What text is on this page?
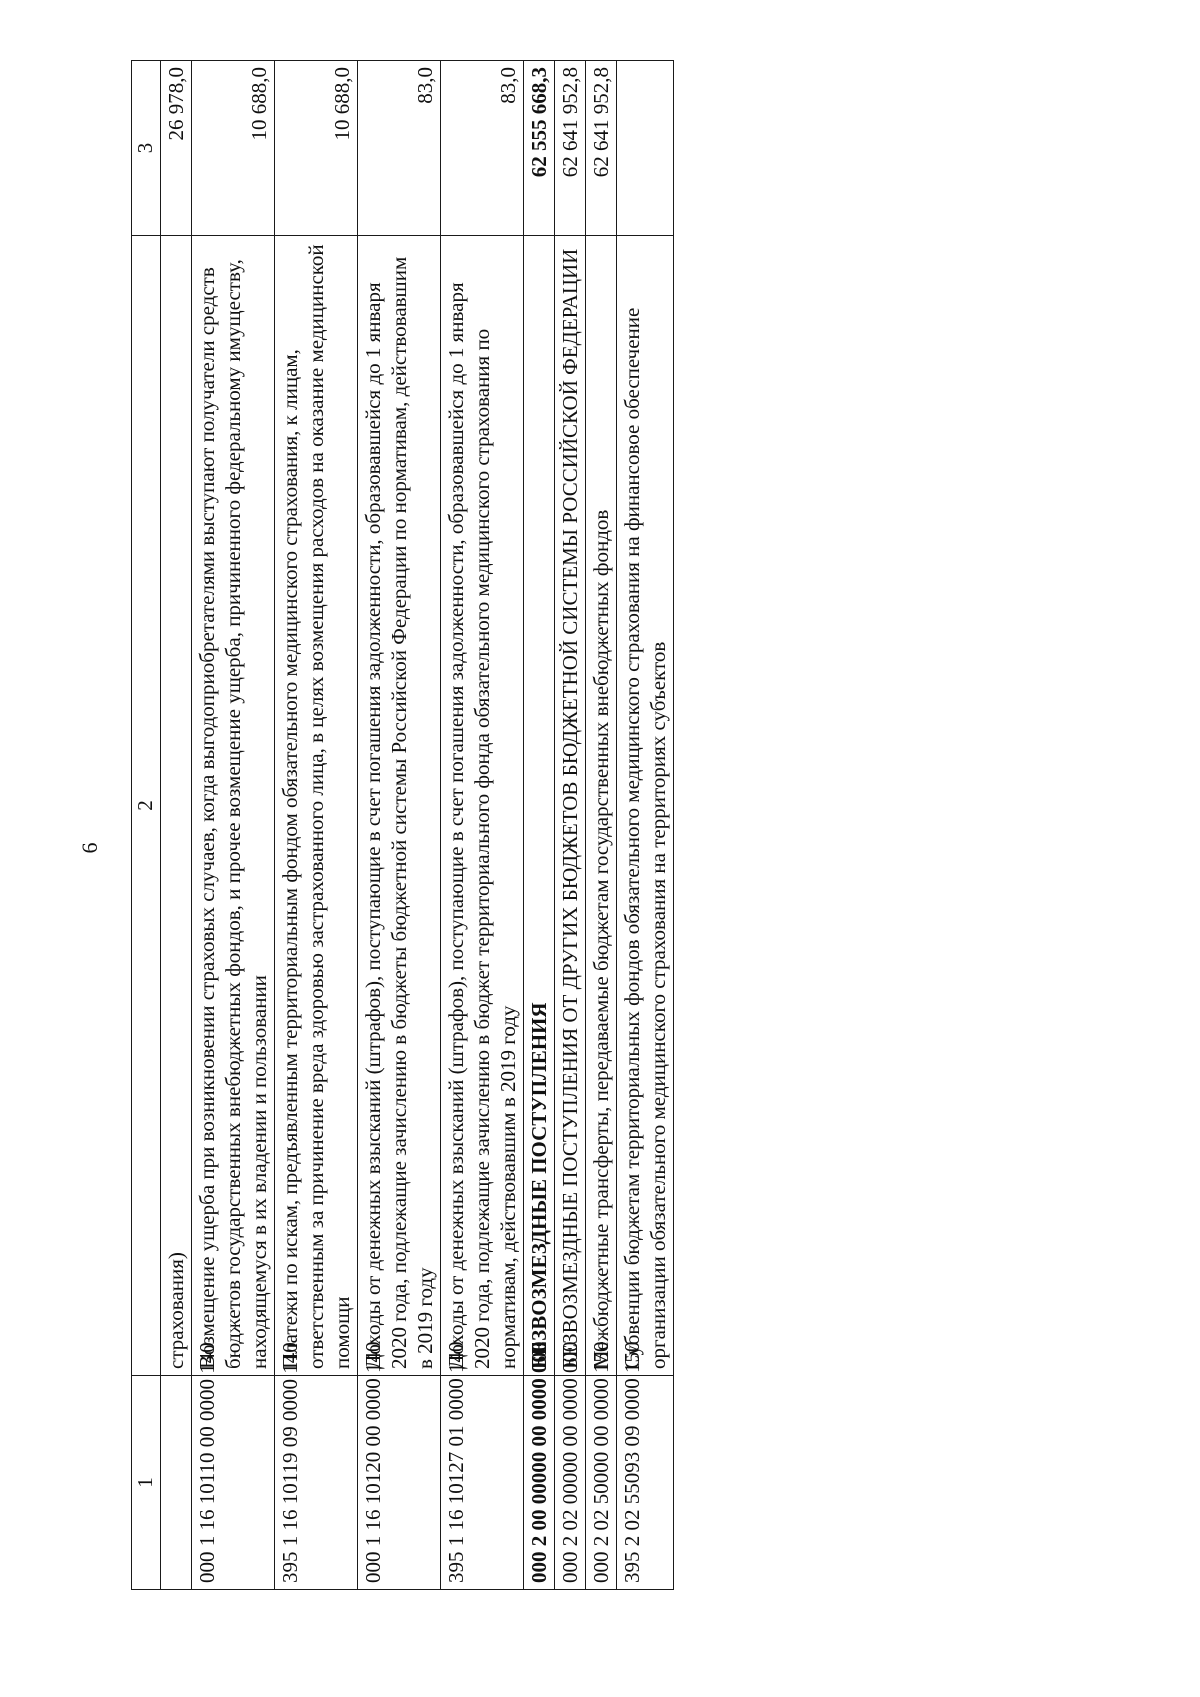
6
1	2	3
	страхования)	26 978,0
000 1 16 10110 00 0000 140	Возмещение ущерба при возникновении страховых случаев, когда выгодоприобретателями выступают получатели средств бюджетов государственных внебюджетных фондов, и прочее возмещение ущерба, причиненного федеральному имуществу, находящемуся в их владении и пользовании	10 688,0
395 1 16 10119 09 0000 140	Платежи по искам, предъявленным территориальным фондом обязательного медицинского страхования, к лицам, ответственным за причинение вреда здоровью застрахованного лица, в целях возмещения расходов на оказание медицинской помощи	10 688,0
000 1 16 10120 00 0000 140	Доходы от денежных взысканий (штрафов), поступающие в счет погашения задолженности, образовавшейся до 1 января 2020 года, подлежащие зачислению в бюджеты бюджетной системы Российской Федерации по нормативам, действовавшим в 2019 году	83,0
395 1 16 10127 01 0000 140	Доходы от денежных взысканий (штрафов), поступающие в счет погашения задолженности, образовавшейся до 1 января 2020 года, подлежащие зачислению в бюджет территориального фонда обязательного медицинского страхования по нормативам, действовавшим в 2019 году	83,0
000 2 00 00000 00 0000 000	БЕЗВОЗМЕЗДНЫЕ ПОСТУПЛЕНИЯ	62 555 668,3
000 2 02 00000 00 0000 000	БЕЗВОЗМЕЗДНЫЕ ПОСТУПЛЕНИЯ ОТ ДРУГИХ БЮДЖЕТОВ БЮДЖЕТНОЙ СИСТЕМЫ РОССИЙСКОЙ ФЕДЕРАЦИИ	62 641 952,8
000 2 02 50000 00 0000 150	Межбюджетные трансферты, передаваемые бюджетам государственных внебюджетных фондов	62 641 952,8
395 2 02 55093 09 0000 150	Субвенции бюджетам территориальных фондов обязательного медицинского страхования на финансовое обеспечение организации обязательного медицинского страхования на территориях субъектов	
